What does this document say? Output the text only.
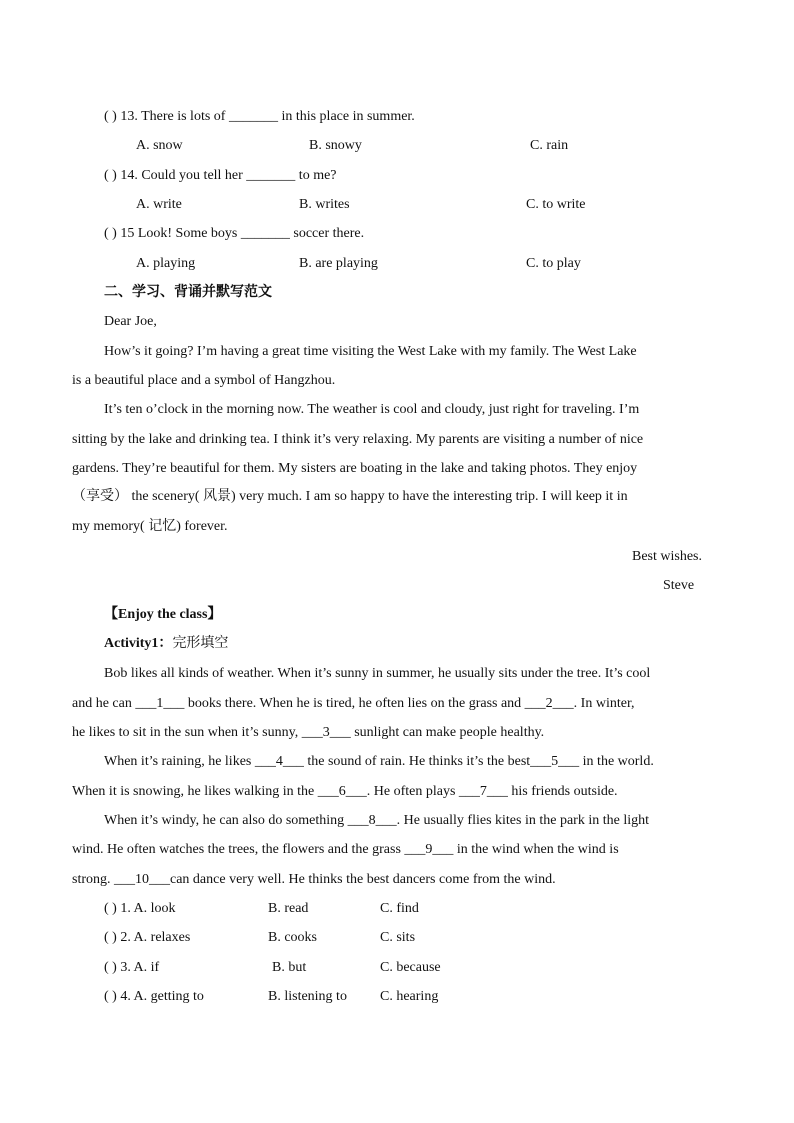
( ) 13. There is lots of _______ in this place in summer.
A. snow	B. snowy	C. rain
( ) 14. Could you tell her _______ to me?
A. write	B. writes	C. to write
( ) 15 Look! Some boys _______ soccer there.
A. playing	B. are playing	C. to play
二、学习、背诵并默写范文
Dear Joe,
How’s it going? I’m having a great time visiting the West Lake with my family. The West Lake
is a beautiful place and a symbol of Hangzhou.
It’s ten o’clock in the morning now. The weather is cool and cloudy, just right for traveling. I’m
sitting by the lake and drinking tea. I think it’s very relaxing. My parents are visiting a number of nice
gardens. They’re beautiful for them. My sisters are boating in the lake and taking photos. They enjoy
（享受） the scenery( 风景) very much. I am so happy to have the interesting trip. I will keep it in
my memory( 记忆) forever.
Best wishes.
Steve
【Enjoy the class】
Activity1：完形填空
Bob likes all kinds of weather. When it’s sunny in summer, he usually sits under the tree. It’s cool
and he can ___1___ books there. When he is tired, he often lies on the grass and ___2___. In winter,
he likes to sit in the sun when it’s sunny, ___3___ sunlight can make people healthy.
When it’s raining, he likes ___4___ the sound of rain. He thinks it’s the best___5___ in the world.
When it is snowing, he likes walking in the ___6___. He often plays ___7___ his friends outside.
When it’s windy, he can also do something ___8___. He usually flies kites in the park in the light
wind. He often watches the trees, the flowers and the grass ___9___ in the wind when the wind is
strong. ___10___can dance very well. He thinks the best dancers come from the wind.
( ) 1. A. look	B. read	C. find
( ) 2. A. relaxes	B. cooks	C. sits
( ) 3. A. if	B. but	C. because
( ) 4. A. getting to	B. listening to C. hearing
